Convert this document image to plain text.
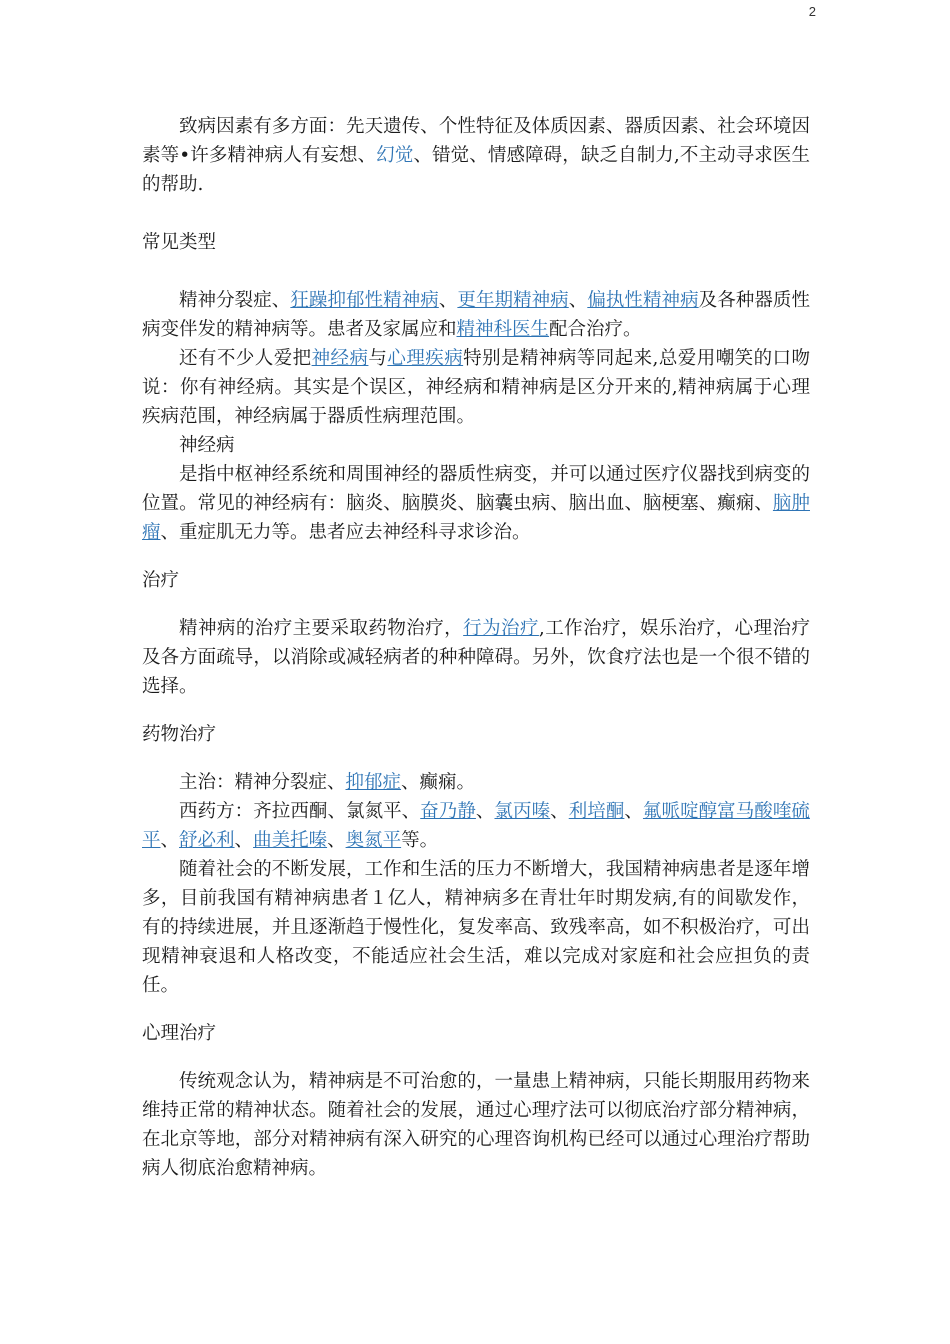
2

致病因素有多方面：先天遗传、个性特征及体质因素、器质因素、社会环境因素等•许多精神病人有妄想、幻觉、错觉、情感障碍，缺乏自制力,不主动寻求医生的帮助.

常见类型

精神分裂症、狂躁抑郁性精神病、更年期精神病、偏执性精神病及各种器质性病变伴发的精神病等。患者及家属应和精神科医生配合治疗。

还有不少人爱把神经病与心理疾病特别是精神病等同起来,总爱用嘲笑的口吻说：你有神经病。其实是个误区，神经病和精神病是区分开来的,精神病属于心理疾病范围，神经病属于器质性病理范围。

神经病

是指中枢神经系统和周围神经的器质性病变，并可以通过医疗仪器找到病变的位置。常见的神经病有：脑炎、脑膜炎、脑囊虫病、脑出血、脑梗塞、癫痫、脑肿瘤、重症肌无力等。患者应去神经科寻求诊治。

治疗

精神病的治疗主要采取药物治疗，行为治疗,工作治疗，娱乐治疗，心理治疗及各方面疏导，以消除或减轻病者的种种障碍。另外，饮食疗法也是一个很不错的选择。

药物治疗

主治：精神分裂症、抑郁症、癫痫。

西药方：齐拉西酮、氯氮平、奋乃静、氯丙嗪、利培酮、氟哌啶醇富马酸喹硫平、舒必利、曲美托嗪、奥氮平等。

随着社会的不断发展，工作和生活的压力不断增大，我国精神病患者是逐年增多，目前我国有精神病患者１亿人，精神病多在青壮年时期发病,有的间歇发作，有的持续进展，并且逐渐趋于慢性化，复发率高、致残率高，如不积极治疗，可出现精神衰退和人格改变，不能适应社会生活，难以完成对家庭和社会应担负的责任。

心理治疗

传统观念认为，精神病是不可治愈的，一量患上精神病，只能长期服用药物来维持正常的精神状态。随着社会的发展，通过心理疗法可以彻底治疗部分精神病，在北京等地，部分对精神病有深入研究的心理咨询机构已经可以通过心理治疗帮助病人彻底治愈精神病。
